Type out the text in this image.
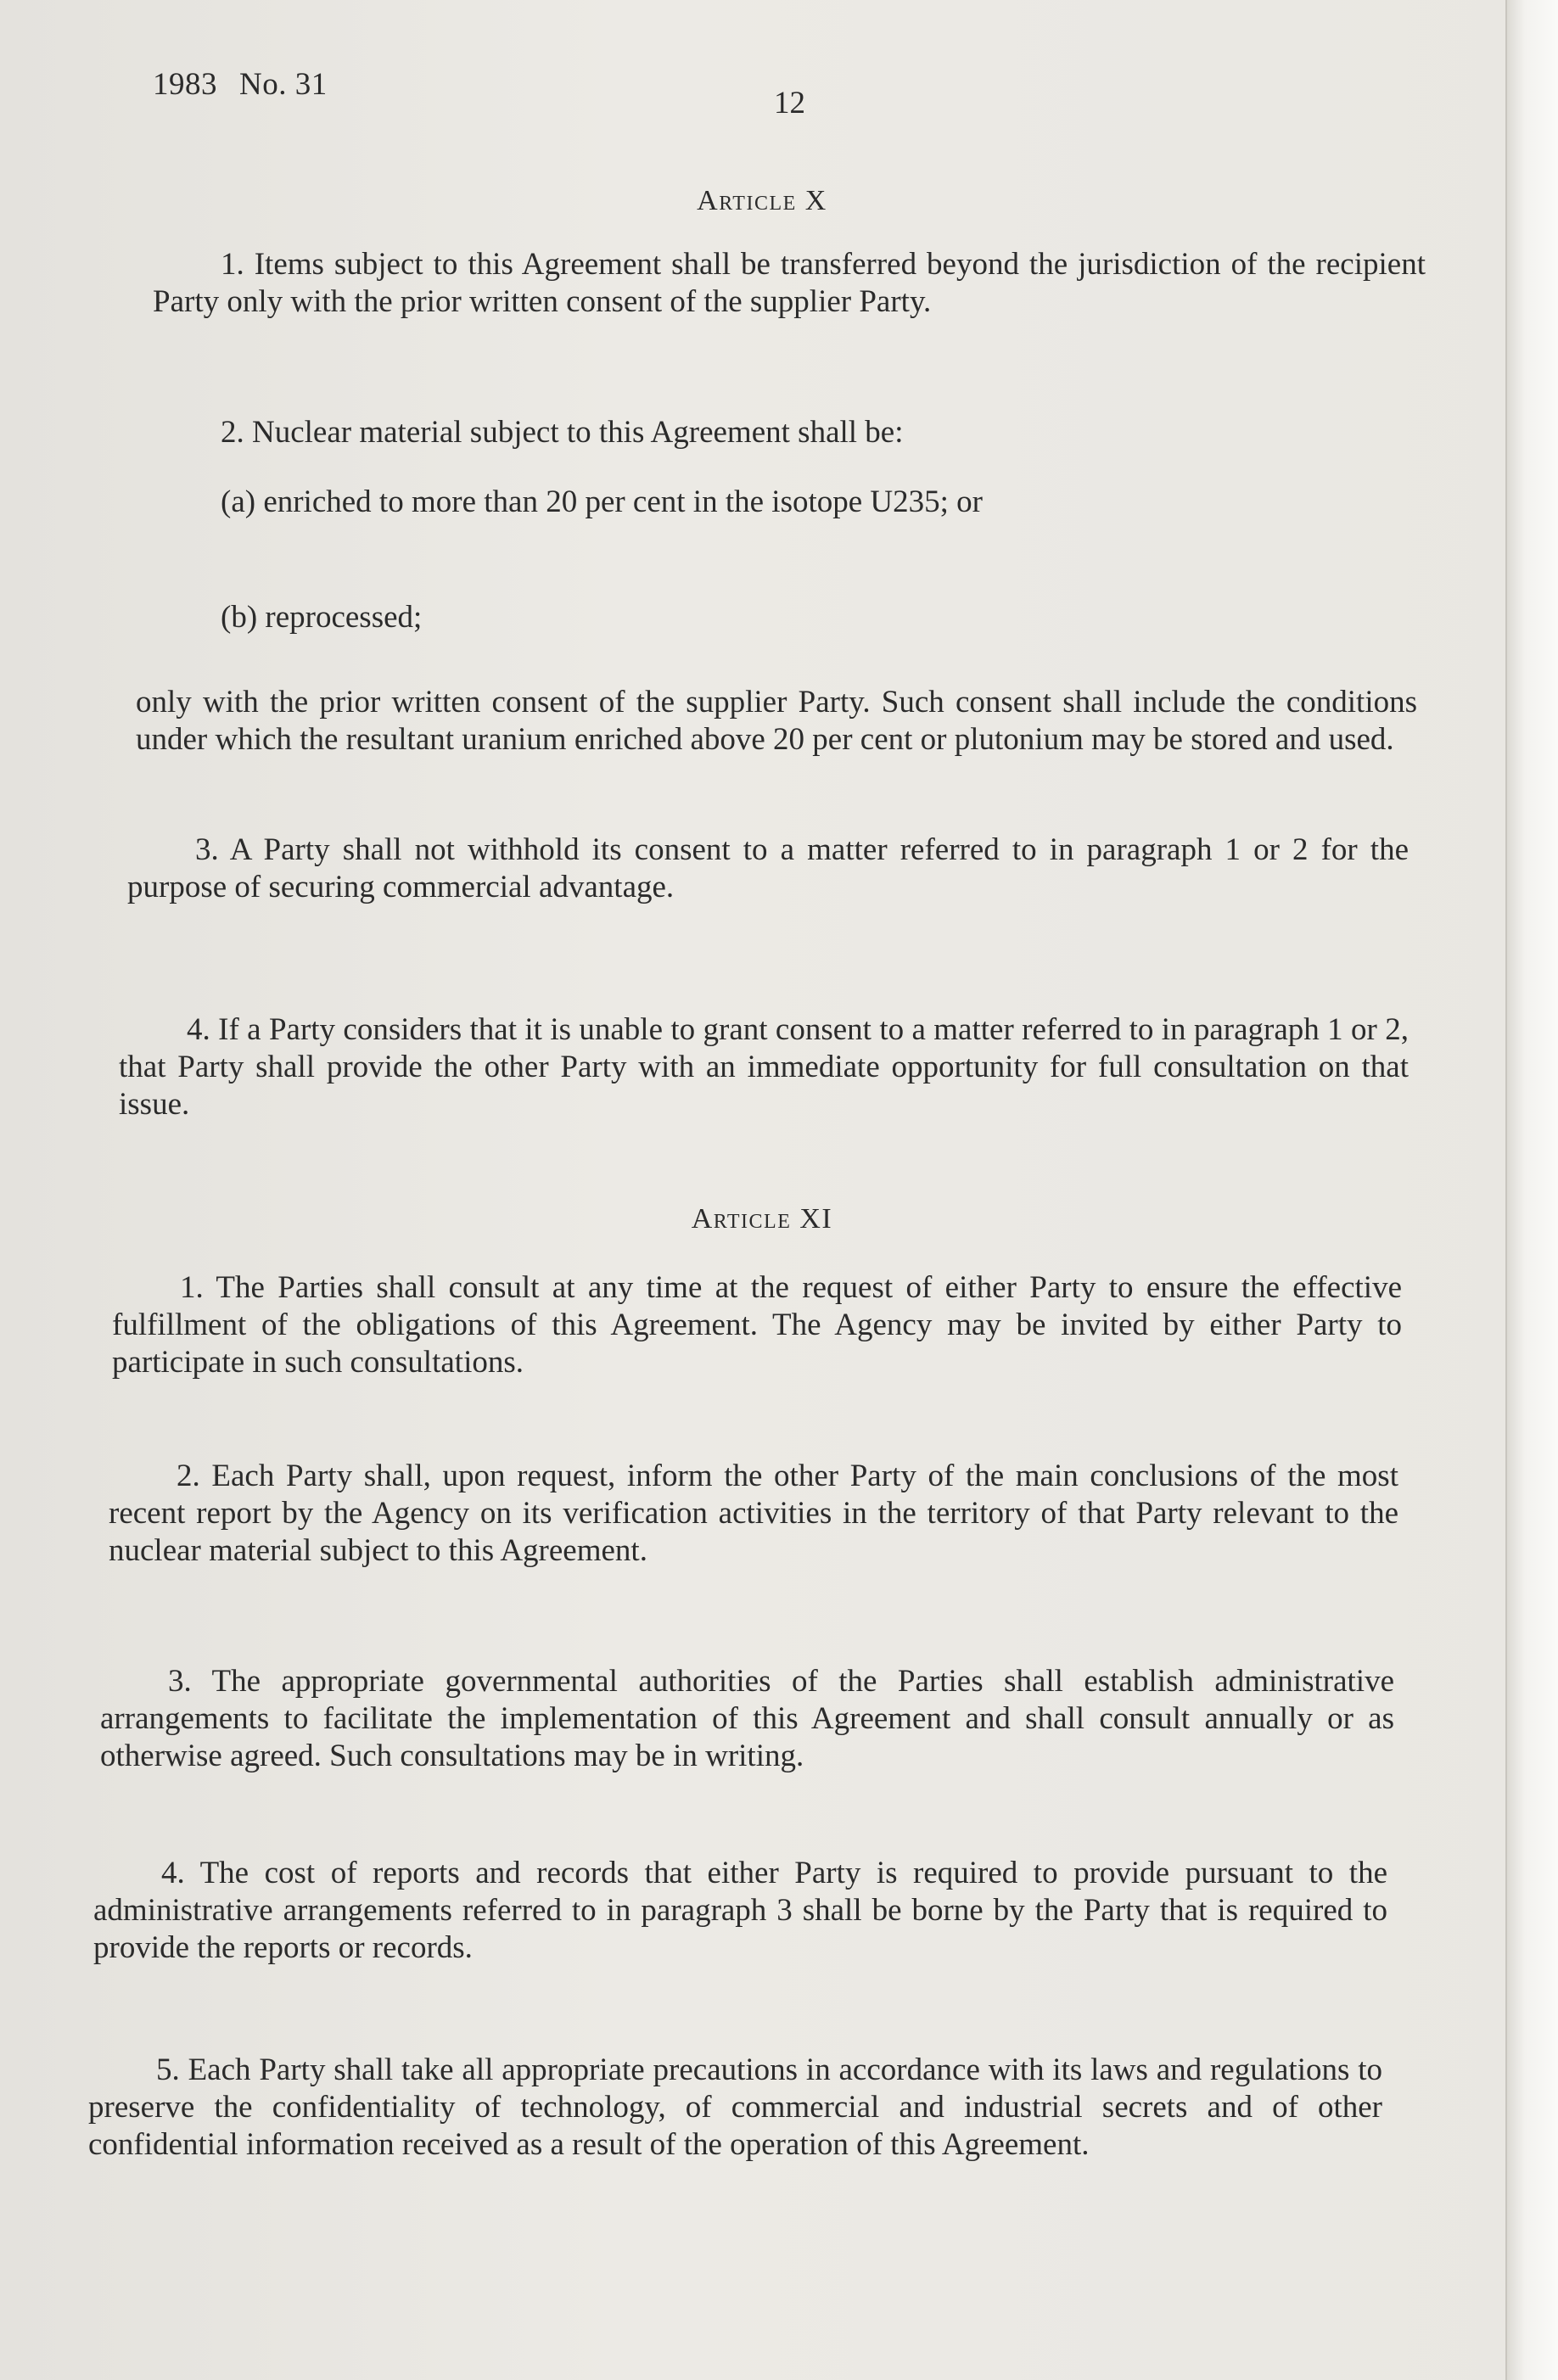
1983 No. 31
12
Article X
1. Items subject to this Agreement shall be transferred beyond the jurisdiction of the recipient Party only with the prior written consent of the supplier Party.
2. Nuclear material subject to this Agreement shall be:
(a) enriched to more than 20 per cent in the isotope U235; or
(b) reprocessed;
only with the prior written consent of the supplier Party. Such consent shall include the conditions under which the resultant uranium enriched above 20 per cent or plutonium may be stored and used.
3. A Party shall not withhold its consent to a matter referred to in paragraph 1 or 2 for the purpose of securing commercial advantage.
4. If a Party considers that it is unable to grant consent to a matter referred to in paragraph 1 or 2, that Party shall provide the other Party with an immediate opportunity for full consultation on that issue.
Article XI
1. The Parties shall consult at any time at the request of either Party to ensure the effective fulfillment of the obligations of this Agreement. The Agency may be invited by either Party to participate in such consultations.
2. Each Party shall, upon request, inform the other Party of the main conclusions of the most recent report by the Agency on its verification activities in the territory of that Party relevant to the nuclear material subject to this Agreement.
3. The appropriate governmental authorities of the Parties shall establish administrative arrangements to facilitate the implementation of this Agreement and shall consult annually or as otherwise agreed. Such consultations may be in writing.
4. The cost of reports and records that either Party is required to provide pursuant to the administrative arrangements referred to in paragraph 3 shall be borne by the Party that is required to provide the reports or records.
5. Each Party shall take all appropriate precautions in accordance with its laws and regulations to preserve the confidentiality of technology, of commercial and industrial secrets and of other confidential information received as a result of the operation of this Agreement.
